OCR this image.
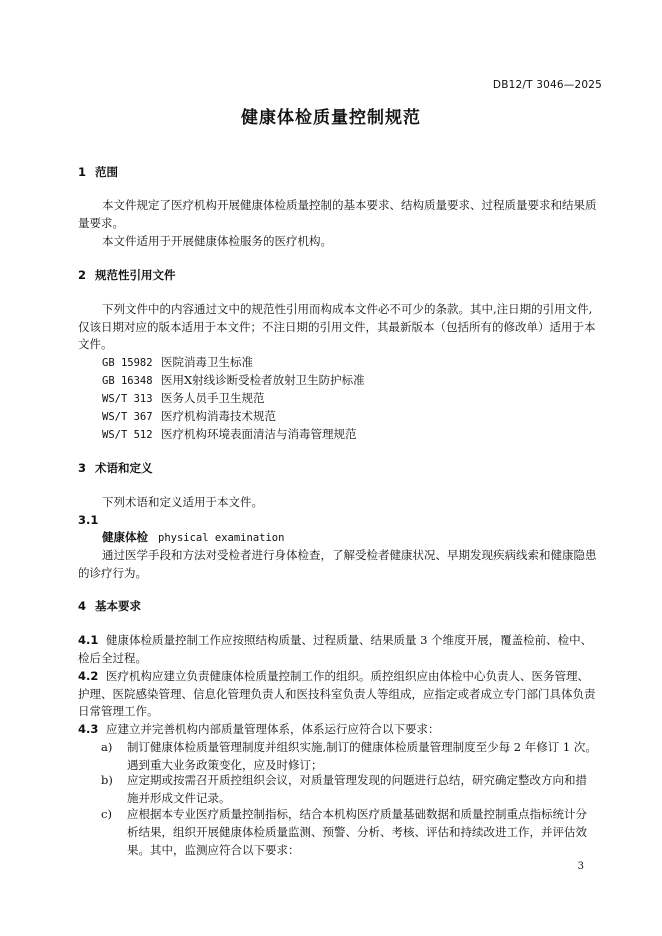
DB12/T 3046—2025
健康体检质量控制规范
1 范围
本文件规定了医疗机构开展健康体检质量控制的基本要求、结构质量要求、过程质量要求和结果质
量要求。
本文件适用于开展健康体检服务的医疗机构。
2 规范性引用文件
下列文件中的内容通过文中的规范性引用而构成本文件必不可少的条款。其中,注日期的引用文件,
仅该日期对应的版本适用于本文件；不注日期的引用文件，其最新版本（包括所有的修改单）适用于本
文件。
GB 15982 医院消毒卫生标准
GB 16348 医用X射线诊断受检者放射卫生防护标准
WS/T 313 医务人员手卫生规范
WS/T 367 医疗机构消毒技术规范
WS/T 512 医疗机构环境表面清洁与消毒管理规范
3 术语和定义
下列术语和定义适用于本文件。
3.1
健康体检 physical examination
通过医学手段和方法对受检者进行身体检查，了解受检者健康状况、早期发现疾病线索和健康隐患
的诊疗行为。
4 基本要求
4.1 健康体检质量控制工作应按照结构质量、过程质量、结果质量 3 个维度开展，覆盖检前、检中、
检后全过程。
4.2 医疗机构应建立负责健康体检质量控制工作的组织。质控组织应由体检中心负责人、医务管理、
护理、医院感染管理、信息化管理负责人和医技科室负责人等组成，应指定或者成立专门部门具体负责
日常管理工作。
4.3 应建立并完善机构内部质量管理体系，体系运行应符合以下要求：
a) 制订健康体检质量管理制度并组织实施,制订的健康体检质量管理制度至少每 2 年修订 1 次。
遇到重大业务政策变化，应及时修订；
b) 应定期或按需召开质控组织会议，对质量管理发现的问题进行总结，研究确定整改方向和措
施并形成文件记录。
c) 应根据本专业医疗质量控制指标，结合本机构医疗质量基础数据和质量控制重点指标统计分
析结果，组织开展健康体检质量监测、预警、分析、考核、评估和持续改进工作，并评估效
果。其中，监测应符合以下要求：
3
